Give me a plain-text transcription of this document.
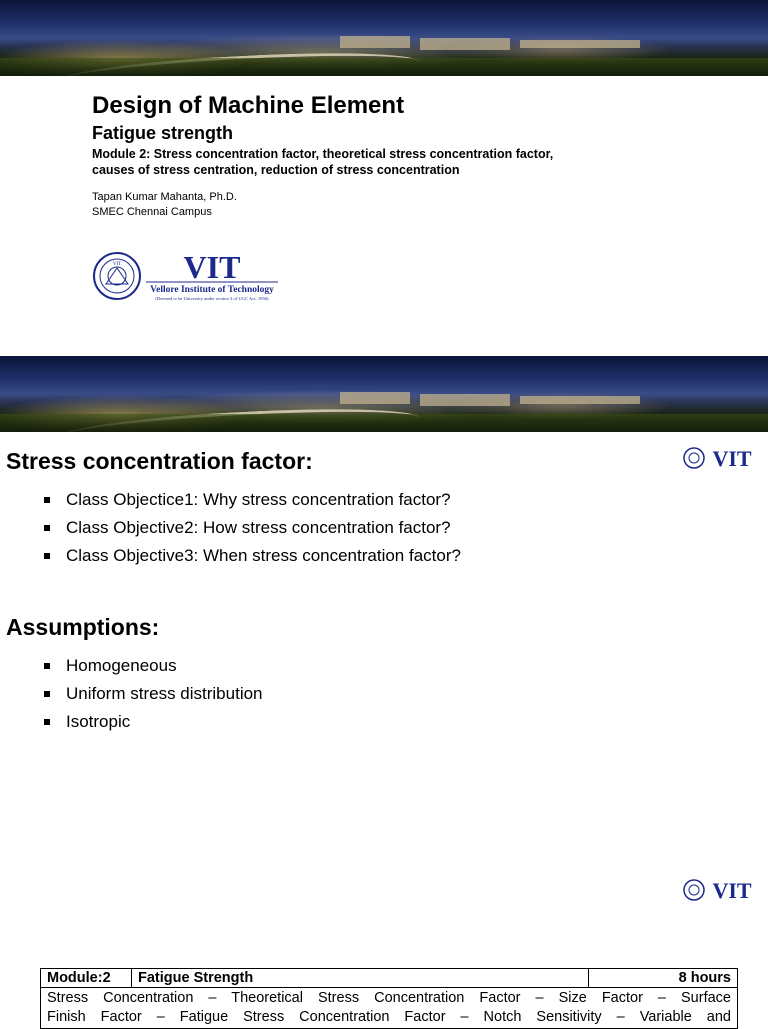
Design of Machine Element
Fatigue strength
Module 2: Stress concentration factor, theoretical stress concentration factor,
causes of stress centration, reduction of stress concentration
Tapan Kumar Mahanta, Ph.D.
SMEC Chennai Campus
VIT VIT
Vellore Institute of Technology
(Deemed to be University under section 3 of UGC Act, 1956)
Stress concentration factor:	VIT
Class Objectice1: Why stress concentration factor?
Class Objective2: How stress concentration factor?
Class Objective3: When stress concentration factor?
Assumptions:
Homogeneous
Uniform stress distribution
Isotropic
VIT
Module:2	Fatigue Strength	8 hours

Stress Concentration – Theoretical Stress Concentration Factor – Size Factor – Surface
Finish Factor – Fatigue Stress Concentration Factor – Notch Sensitivity – Variable and
